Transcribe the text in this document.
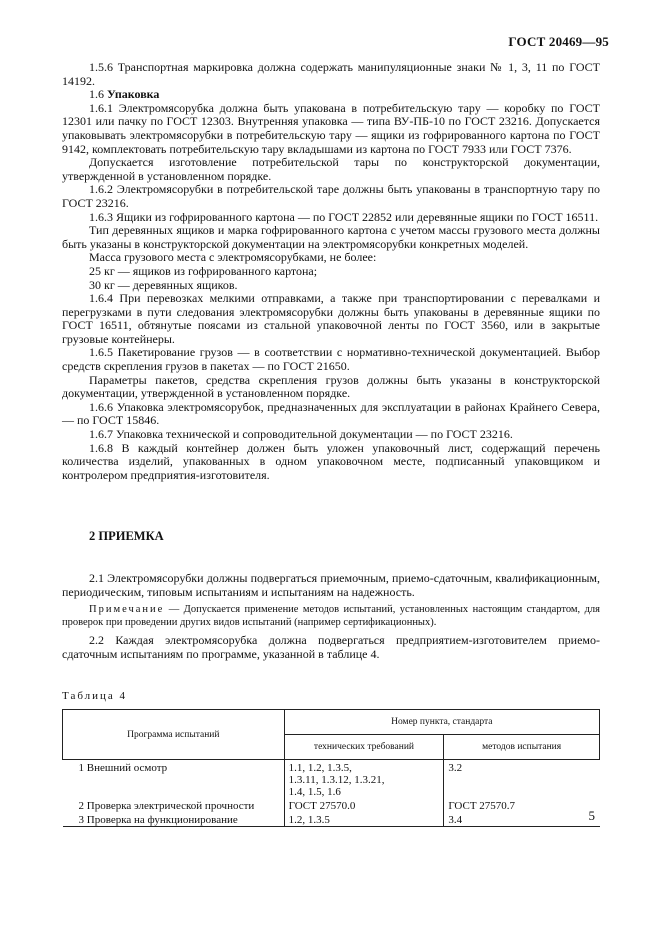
ГОСТ 20469—95

1.5.6 Транспортная маркировка должна содержать манипуляционные знаки № 1, 3, 11 по ГОСТ 14192.

1.6 Упаковка

1.6.1 Электромясорубка должна быть упакована в потребительскую тару — коробку по ГОСТ 12301 или пачку по ГОСТ 12303. Внутренняя упаковка — типа ВУ-ПБ-10 по ГОСТ 23216. Допускается упаковывать электромясорубки в потребительскую тару — ящики из гофрированного картона по ГОСТ 9142, комплектовать потребительскую тару вкладышами из картона по ГОСТ 7933 или ГОСТ 7376.

Допускается изготовление потребительской тары по конструкторской документации, утвержденной в установленном порядке.

1.6.2 Электромясорубки в потребительской таре должны быть упакованы в транспортную тару по ГОСТ 23216.

1.6.3 Ящики из гофрированного картона — по ГОСТ 22852 или деревянные ящики по ГОСТ 16511.

Тип деревянных ящиков и марка гофрированного картона с учетом массы грузового места должны быть указаны в конструкторской документации на электромясорубки конкретных моделей.

Масса грузового места с электромясорубками, не более:

25 кг — ящиков из гофрированного картона;

30 кг — деревянных ящиков.

1.6.4 При перевозках мелкими отправками, а также при транспортировании с перевалками и перегрузками в пути следования электромясорубки должны быть упакованы в деревянные ящики по ГОСТ 16511, обтянутые поясами из стальной упаковочной ленты по ГОСТ 3560, или в закрытые грузовые контейнеры.

1.6.5 Пакетирование грузов — в соответствии с нормативно-технической документацией. Выбор средств скрепления грузов в пакетах — по ГОСТ 21650.

Параметры пакетов, средства скрепления грузов должны быть указаны в конструкторской документации, утвержденной в установленном порядке.

1.6.6 Упаковка электромясорубок, предназначенных для эксплуатации в районах Крайнего Севера, — по ГОСТ 15846.

1.6.7 Упаковка технической и сопроводительной документации — по ГОСТ 23216.

1.6.8 В каждый контейнер должен быть уложен упаковочный лист, содержащий перечень количества изделий, упакованных в одном упаковочном месте, подписанный упаковщиком и контролером предприятия-изготовителя.

2 ПРИЕМКА

2.1 Электромясорубки должны подвергаться приемочным, приемо-сдаточным, квалификационным, периодическим, типовым испытаниям и испытаниям на надежность.

Примечание — Допускается применение методов испытаний, установленных настоящим стандартом, для проверок при проведении других видов испытаний (например сертификационных).

2.2 Каждая электромясорубка должна подвергаться предприятием-изготовителем приемо-сдаточным испытаниям по программе, указанной в таблице 4.

Таблица 4
Программа испытаний	Номер пункта, стандарта	
	технических требований	методов испытания
1 Внешний осмотр	1.1, 1.2, 1.3.5,
1.3.11, 1.3.12, 1.3.21,
1.4, 1.5, 1.6	3.2
2 Проверка электрической прочности	ГОСТ 27570.0	ГОСТ 27570.7
3 Проверка на функционирование	1.2, 1.3.5	3.4	5
